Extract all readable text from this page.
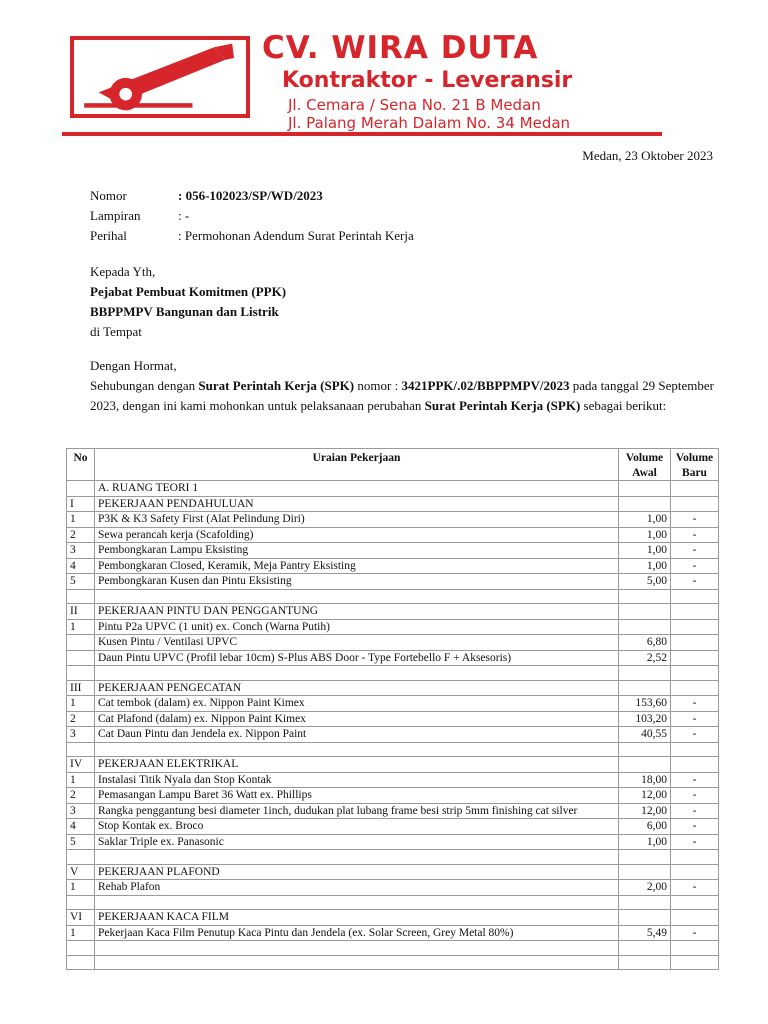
CV. WIRA DUTA
Kontraktor - Leveransir
Jl. Cemara / Sena No. 21 B Medan
Jl. Palang Merah Dalam No. 34 Medan
Medan, 23 Oktober 2023
Nomor	: 056-102023/SP/WD/2023
Lampiran	: -
Perihal	: Permohonan Adendum Surat Perintah Kerja
Kepada Yth,
Pejabat Pembuat Komitmen (PPK)
BBPPMPV Bangunan dan Listrik
di Tempat
Dengan Hormat,
Sehubungan dengan Surat Perintah Kerja (SPK) nomor : 3421PPK/.02/BBPPMPV/2023 pada tanggal 29 September 2023, dengan ini kami mohonkan untuk pelaksanaan perubahan Surat Perintah Kerja (SPK) sebagai berikut:
No	Uraian Pekerjaan	Volume Awal	Volume Baru
	A. RUANG TEORI 1		
I	PEKERJAAN PENDAHULUAN		
1	P3K & K3 Safety First (Alat Pelindung Diri)	1,00	-
2	Sewa perancah kerja (Scafolding)	1,00	-
3	Pembongkaran Lampu Eksisting	1,00	-
4	Pembongkaran Closed, Keramik, Meja Pantry Eksisting	1,00	-
5	Pembongkaran Kusen dan Pintu Eksisting	5,00	-

II	PEKERJAAN PINTU DAN PENGGANTUNG		
1	Pintu P2a UPVC (1 unit) ex. Conch (Warna Putih)		
	Kusen Pintu / Ventilasi UPVC	6,80	
	Daun Pintu UPVC (Profil lebar 10cm) S-Plus ABS Door - Type Fortebello F + Aksesoris)	2,52	

III	PEKERJAAN PENGECATAN		
1	Cat tembok (dalam) ex. Nippon Paint Kimex	153,60	-
2	Cat Plafond (dalam) ex. Nippon Paint Kimex	103,20	-
3	Cat Daun Pintu dan Jendela ex. Nippon Paint	40,55	-

IV	PEKERJAAN ELEKTRIKAL		
1	Instalasi Titik Nyala dan Stop Kontak	18,00	-
2	Pemasangan Lampu Baret 36 Watt ex. Phillips	12,00	-
3	Rangka penggantung besi diameter 1inch, dudukan plat lubang frame besi strip 5mm finishing cat silver	12,00	-
4	Stop Kontak ex. Broco	6,00	-
5	Saklar Triple ex. Panasonic	1,00	-

V	PEKERJAAN PLAFOND		
1	Rehab Plafon	2,00	-

VI	PEKERJAAN KACA FILM		
1	Pekerjaan Kaca Film Penutup Kaca Pintu dan Jendela (ex. Solar Screen, Grey Metal 80%)	5,49	-
